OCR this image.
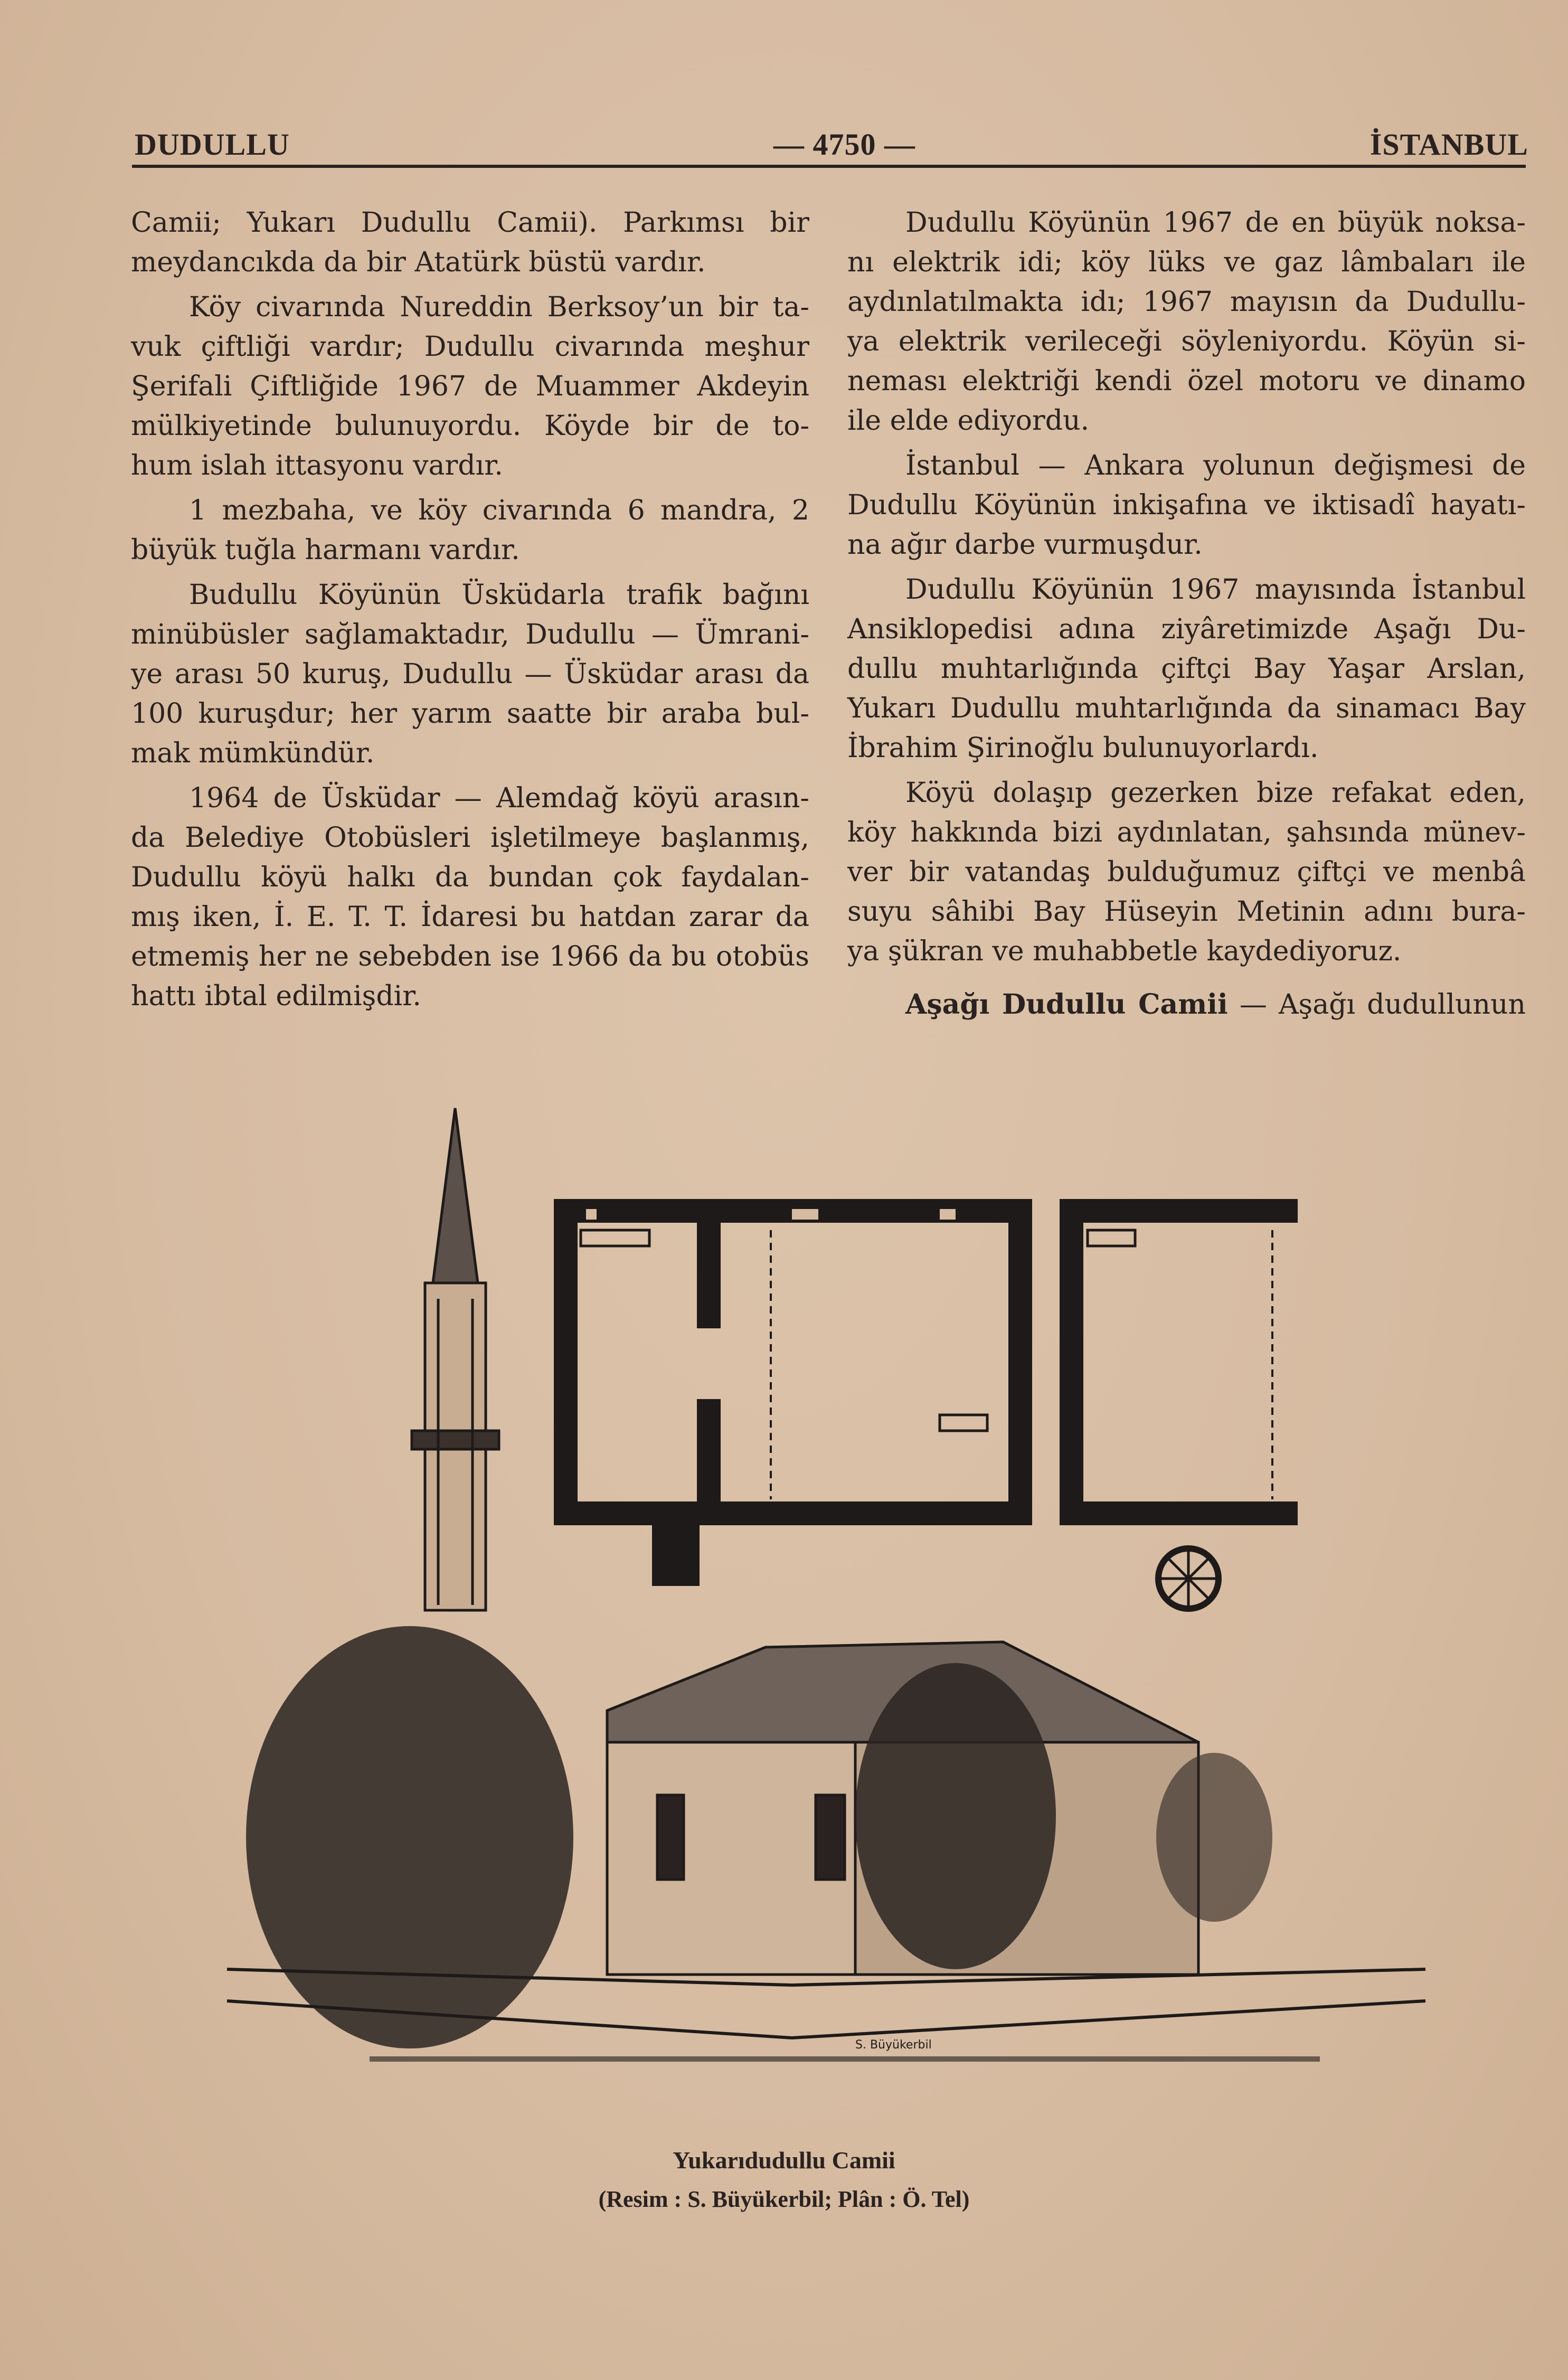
DUDULLU	— 4750 —	İSTANBUL
Camii; Yukarı Dudullu Camii). Parkımsı bir
meydancıkda da bir Atatürk büstü vardır.
Köy civarında Nureddin Berksoy’un bir ta-
vuk çiftliği vardır; Dudullu civarında meşhur
Şerifali Çiftliğide 1967 de Muammer Akdeyin
mülkiyetinde bulunuyordu. Köyde bir de to-
hum islah ittasyonu vardır.
1 mezbaha, ve köy civarında 6 mandra, 2
büyük tuğla harmanı vardır.
Budullu Köyünün Üsküdarla trafik bağını
minübüsler sağlamaktadır, Dudullu — Ümrani-
ye arası 50 kuruş, Dudullu — Üsküdar arası da
100 kuruşdur; her yarım saatte bir araba bul-
mak mümkündür.
1964 de Üsküdar — Alemdağ köyü arasın-
da Belediye Otobüsleri işletilmeye başlanmış,
Dudullu köyü halkı da bundan çok faydalan-
mış iken, İ. E. T. T. İdaresi bu hatdan zarar da
etmemiş her ne sebebden ise 1966 da bu otobüs
hattı ibtal edilmişdir.
Dudullu Köyünün 1967 de en büyük noksa-
nı elektrik idi; köy lüks ve gaz lâmbaları ile
aydınlatılmakta idı; 1967 mayısın da Dudullu-
ya elektrik verileceği söyleniyordu. Köyün si-
neması elektriği kendi özel motoru ve dinamo
ile elde ediyordu.
İstanbul — Ankara yolunun değişmesi de
Dudullu Köyünün inkişafına ve iktisadî hayatı-
na ağır darbe vurmuşdur.
Dudullu Köyünün 1967 mayısında İstanbul
Ansiklopedisi adına ziyâretimizde Aşağı Du-
dullu muhtarlığında çiftçi Bay Yaşar Arslan,
Yukarı Dudullu muhtarlığında da sinamacı Bay
İbrahim Şirinoğlu bulunuyorlardı.
Köyü dolaşıp gezerken bize refakat eden,
köy hakkında bizi aydınlatan, şahsında münev-
ver bir vatandaş bulduğumuz çiftçi ve menbâ
suyu sâhibi Bay Hüseyin Metinin adını bura-
ya şükran ve muhabbetle kaydediyoruz.
Aşağı Dudullu Camii — Aşağı dudullunun
S. Büyükerbil
Yukarıdudullu Camii
(Resim : S. Büyükerbil; Plân : Ö. Tel)
